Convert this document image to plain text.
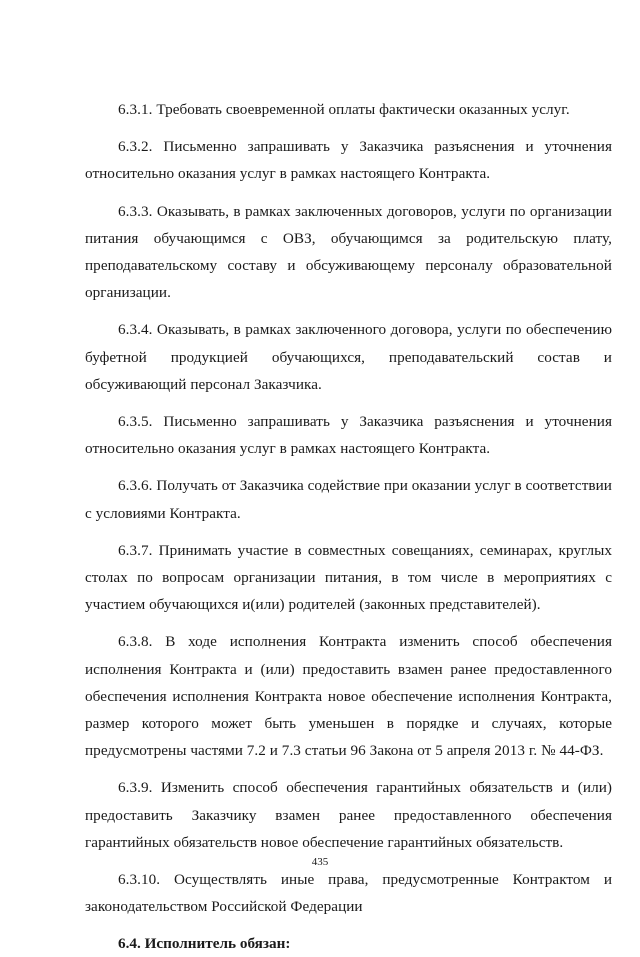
6.3.1. Требовать своевременной оплаты фактически оказанных услуг.

6.3.2. Письменно запрашивать у Заказчика разъяснения и уточнения относительно оказания услуг в рамках настоящего Контракта.

6.3.3. Оказывать, в рамках заключенных договоров, услуги по организации питания обучающимся с ОВЗ, обучающимся за родительскую плату, преподавательскому составу и обсуживающему персоналу образовательной организации.

6.3.4. Оказывать, в рамках заключенного договора, услуги по обеспечению буфетной продукцией обучающихся, преподавательский состав и обсуживающий персонал Заказчика.

6.3.5. Письменно запрашивать у Заказчика разъяснения и уточнения относительно оказания услуг в рамках настоящего Контракта.

6.3.6. Получать от Заказчика содействие при оказании услуг в соответствии с условиями Контракта.

6.3.7. Принимать участие в совместных совещаниях, семинарах, круглых столах по вопросам организации питания, в том числе в мероприятиях с участием обучающихся и(или) родителей (законных представителей).

6.3.8. В ходе исполнения Контракта изменить способ обеспечения исполнения Контракта и (или) предоставить взамен ранее предоставленного обеспечения исполнения Контракта новое обеспечение исполнения Контракта, размер которого может быть уменьшен в порядке и случаях, которые предусмотрены частями 7.2 и 7.3 статьи 96 Закона от 5 апреля 2013 г. № 44-ФЗ.

6.3.9. Изменить способ обеспечения гарантийных обязательств и (или) предоставить Заказчику взамен ранее предоставленного обеспечения гарантийных обязательств новое обеспечение гарантийных обязательств.

6.3.10. Осуществлять иные права, предусмотренные Контрактом и законодательством Российской Федерации

6.4. Исполнитель обязан:

435
